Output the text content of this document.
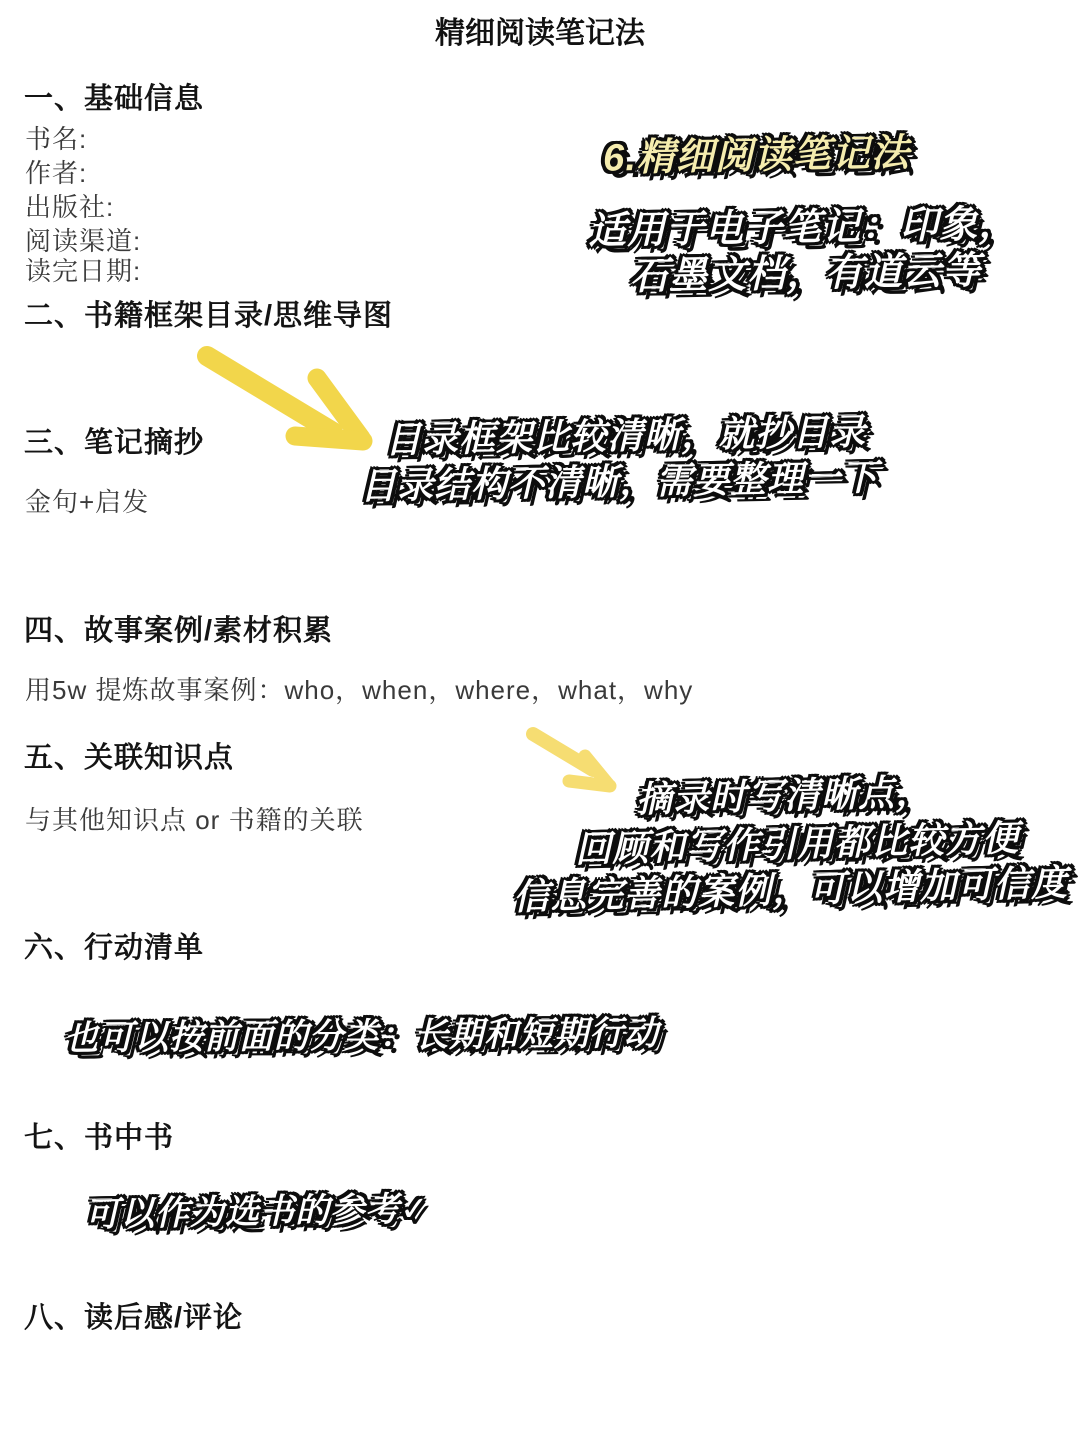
精细阅读笔记法
一、基础信息
书名:
作者:
出版社:
阅读渠道:
读完日期:
6.精细阅读笔记法
适用于电子笔记：印象，
石墨文档，有道云等
二、书籍框架目录/思维导图
目录框架比较清晰，就抄目录
目录结构不清晰，需要整理一下
三、笔记摘抄
金句+启发
四、故事案例/素材积累
用5w 提炼故事案例：who，when，where，what，why
五、关联知识点
与其他知识点 or 书籍的关联
摘录时写清晰点，
回顾和写作引用都比较方便
信息完善的案例，可以增加可信度
六、行动清单
也可以按前面的分类：长期和短期行动
七、书中书
可以作为选书的参考✓
八、读后感/评论
